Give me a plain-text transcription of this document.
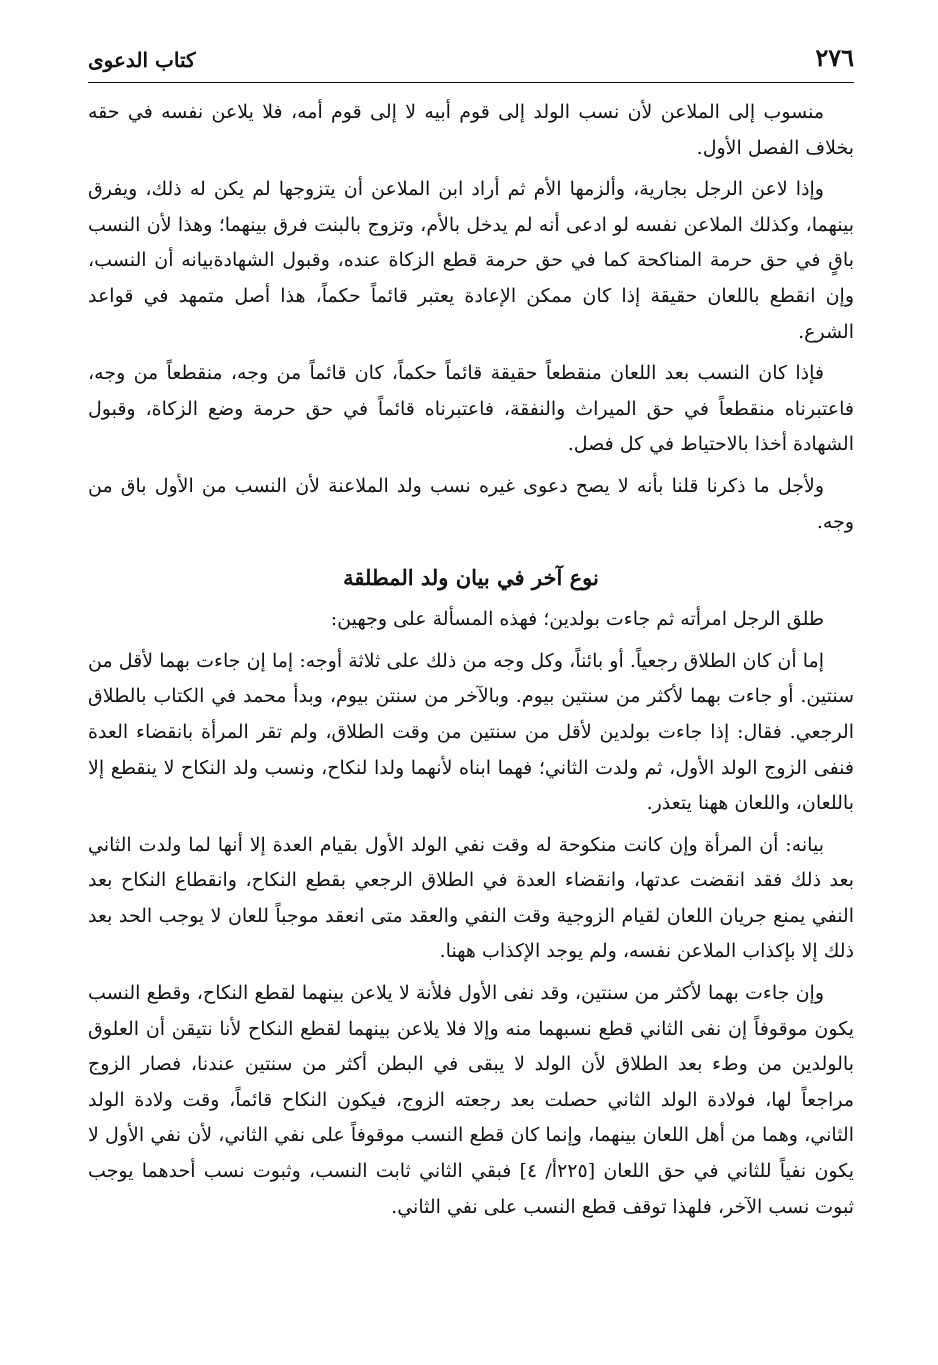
٢٧٦
كتاب الدعوى

منسوب إلى الملاعن لأن نسب الولد إلى قوم أبيه لا إلى قوم أمه، فلا يلاعن نفسه في حقه بخلاف الفصل الأول.

وإذا لاعن الرجل بجارية، وألزمها الأم ثم أراد ابن الملاعن أن يتزوجها لم يكن له ذلك، ويفرق بينهما، وكذلك الملاعن نفسه لو ادعى أنه لم يدخل بالأم، وتزوج بالبنت فرق بينهما؛ وهذا لأن النسب باقٍ في حق حرمة المناكحة كما في حق حرمة قطع الزكاة عنده، وقبول الشهادةبيانه أن النسب، وإن انقطع باللعان حقيقة إذا كان ممكن الإعادة يعتبر قائماً حكماً، هذا أصل متمهد في قواعد الشرع.

فإذا كان النسب بعد اللعان منقطعاً حقيقة قائماً حكماً، كان قائماً من وجه، منقطعاً من وجه، فاعتبرناه منقطعاً في حق الميراث والنفقة، فاعتبرناه قائماً في حق حرمة وضع الزكاة، وقبول الشهادة أخذا بالاحتياط في كل فصل.

ولأجل ما ذكرنا قلنا بأنه لا يصح دعوى غيره نسب ولد الملاعنة لأن النسب من الأول باق من وجه.

نوع آخر في بيان ولد المطلقة

طلق الرجل امرأته ثم جاءت بولدين؛ فهذه المسألة على وجهين:

إما أن كان الطلاق رجعياً. أو بائناً، وكل وجه من ذلك على ثلاثة أوجه: إما إن جاءت بهما لأقل من سنتين. أو جاءت بهما لأكثر من سنتين بيوم. وبالآخر من سنتن بيوم، وبدأ محمد في الكتاب بالطلاق الرجعي. فقال: إذا جاءت بولدين لأقل من سنتين من وقت الطلاق، ولم تقر المرأة بانقضاء العدة فنفى الزوج الولد الأول، ثم ولدت الثاني؛ فهما ابناه لأنهما ولدا لنكاح، ونسب ولد النكاح لا ينقطع إلا باللعان، واللعان ههنا يتعذر.

بيانه: أن المرأة وإن كانت منكوحة له وقت نفي الولد الأول بقيام العدة إلا أنها لما ولدت الثاني بعد ذلك فقد انقضت عدتها، وانقضاء العدة في الطلاق الرجعي بقطع النكاح، وانقطاع النكاح بعد النفي يمنع جريان اللعان لقيام الزوجية وقت النفي والعقد متى انعقد موجباً للعان لا يوجب الحد بعد ذلك إلا بإكذاب الملاعن نفسه، ولم يوجد الإكذاب ههنا.

وإن جاءت بهما لأكثر من سنتين، وقد نفى الأول فلأنة لا يلاعن بينهما لقطع النكاح، وقطع النسب يكون موقوفاً إن نفى الثاني قطع نسبهما منه وإلا فلا يلاعن بينهما لقطع النكاح لأنا نتيقن أن العلوق بالولدين من وطء بعد الطلاق لأن الولد لا يبقى في البطن أكثر من سنتين عندنا، فصار الزوج مراجعاً لها، فولادة الولد الثاني حصلت بعد رجعته الزوج، فيكون النكاح قائماً، وقت ولادة الولد الثاني، وهما من أهل اللعان بينهما، وإنما كان قطع النسب موقوفاً على نفي الثاني، لأن نفي الأول لا يكون نفياً للثاني في حق اللعان [٢٢٥أ/ ٤] فبقي الثاني ثابت النسب، وثبوت نسب أحدهما يوجب ثبوت نسب الآخر، فلهذا توقف قطع النسب على نفي الثاني.
